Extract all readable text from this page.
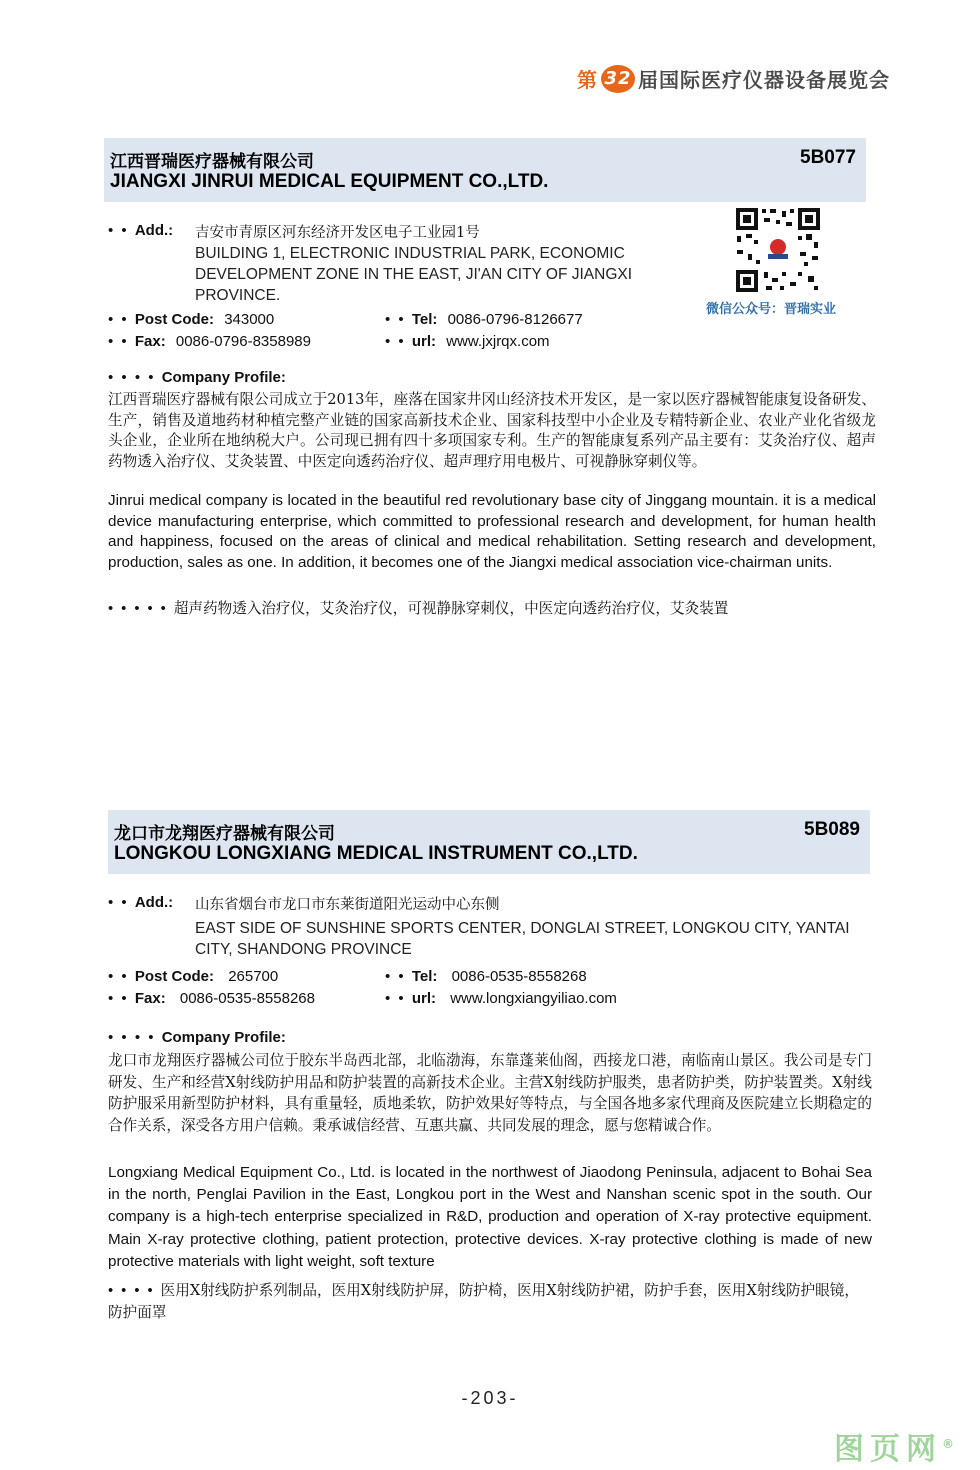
第 32 届国际医疗仪器设备展览会
江西晋瑞医疗器械有限公司
JIANGXI JINRUI MEDICAL EQUIPMENT CO.,LTD.
5B077
• • Add.: 吉安市青原区河东经济开发区电子工业园1号
BUILDING 1, ELECTRONIC INDUSTRIAL PARK, ECONOMIC DEVELOPMENT ZONE IN THE EAST, JI'AN CITY OF JIANGXI PROVINCE.
• • Post Code: 343000	• • Tel: 0086-0796-8126677
• • Fax: 0086-0796-8358989	• • url: www.jxjrqx.com
微信公众号：晋瑞实业
• • • • Company Profile:
江西晋瑞医疗器械有限公司成立于2013年，座落在国家井冈山经济技术开发区，是一家以医疗器械智能康复设备研发、生产，销售及道地药材种植完整产业链的国家高新技术企业、国家科技型中小企业及专精特新企业、农业产业化省级龙头企业，企业所在地纳税大户。公司现已拥有四十多项国家专利。生产的智能康复系列产品主要有：艾灸治疗仪、超声药物透入治疗仪、艾灸装置、中医定向透药治疗仪、超声理疗用电极片、可视静脉穿刺仪等。
Jinrui medical company is located in the beautiful red revolutionary base city of Jinggang mountain. it is a medical device manufacturing enterprise, which committed to professional research and development, for human health and happiness, focused on the areas of clinical and medical rehabilitation. Setting research and development, production, sales as one. In addition, it becomes one of the Jiangxi medical association vice-chairman units.
• • • • • 超声药物透入治疗仪，艾灸治疗仪，可视静脉穿刺仪，中医定向透药治疗仪，艾灸装置
龙口市龙翔医疗器械有限公司
LONGKOU LONGXIANG MEDICAL INSTRUMENT CO.,LTD.
5B089
• • Add.: 山东省烟台市龙口市东莱街道阳光运动中心东侧
EAST SIDE OF SUNSHINE SPORTS CENTER, DONGLAI STREET, LONGKOU CITY, YANTAI CITY, SHANDONG PROVINCE
• • Post Code: 265700	• • Tel: 0086-0535-8558268
• • Fax: 0086-0535-8558268	• • url: www.longxiangyiliao.com
• • • • Company Profile:
龙口市龙翔医疗器械公司位于胶东半岛西北部，北临渤海，东靠蓬莱仙阁，西接龙口港，南临南山景区。我公司是专门研发、生产和经营X射线防护用品和防护装置的高新技术企业。主营X射线防护服类，患者防护类，防护装置类。X射线防护服采用新型防护材料，具有重量轻，质地柔软，防护效果好等特点，与全国各地多家代理商及医院建立长期稳定的合作关系，深受各方用户信赖。秉承诚信经营、互惠共赢、共同发展的理念，愿与您精诚合作。
Longxiang Medical Equipment Co., Ltd. is located in the northwest of Jiaodong Peninsula, adjacent to Bohai Sea in the north, Penglai Pavilion in the East, Longkou port in the West and Nanshan scenic spot in the south. Our company is a high-tech enterprise specialized in R&D, production and operation of X-ray protective equipment. Main X-ray protective clothing, patient protection, protective devices. X-ray protective clothing is made of new protective materials with light weight, soft texture
• • • • 医用X射线防护系列制品，医用X射线防护屏，防护椅，医用X射线防护裙，防护手套，医用X射线防护眼镜，防护面罩
-203-
图页网®
